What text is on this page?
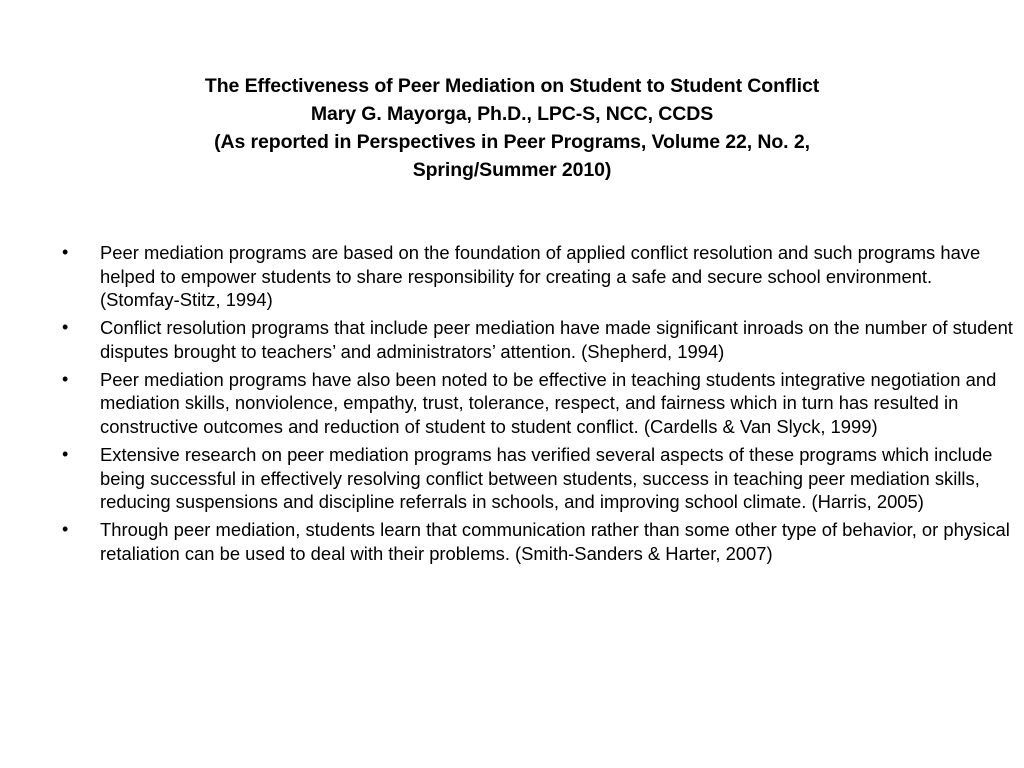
The Effectiveness of Peer Mediation on Student to Student Conflict
Mary G. Mayorga, Ph.D., LPC-S, NCC, CCDS
(As reported in Perspectives in Peer Programs, Volume 22, No. 2,
Spring/Summer 2010)
• Peer mediation programs are based on the foundation of applied conflict resolution and such programs have helped to empower students to share responsibility for creating a safe and secure school environment. (Stomfay-Stitz, 1994)
• Conflict resolution programs that include peer mediation have made significant inroads on the number of student disputes brought to teachers’ and administrators’ attention. (Shepherd, 1994)
• Peer mediation programs have also been noted to be effective in teaching students integrative negotiation and mediation skills, nonviolence, empathy, trust, tolerance, respect, and fairness which in turn has resulted in constructive outcomes and reduction of student to student conflict. (Cardells & Van Slyck, 1999)
• Extensive research on peer mediation programs has verified several aspects of these programs which include being successful in effectively resolving conflict between students, success in teaching peer mediation skills, reducing suspensions and discipline referrals in schools, and improving school climate. (Harris, 2005)
• Through peer mediation, students learn that communication rather than some other type of behavior, or physical retaliation can be used to deal with their problems. (Smith-Sanders & Harter, 2007)
